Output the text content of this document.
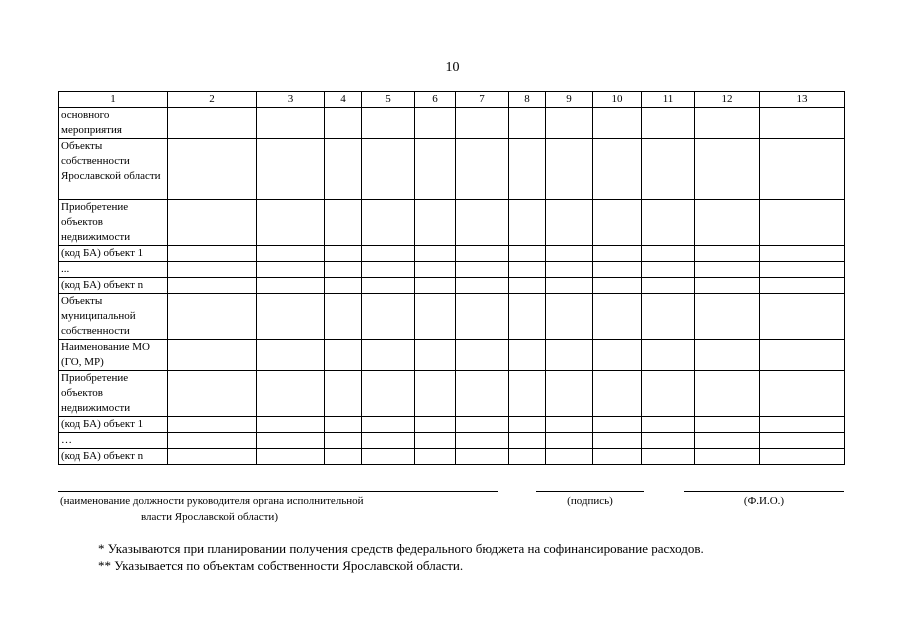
10
1	2	3	4	5	6	7	8	9	10	11	12	13
основного мероприятия												
Объекты собственности Ярославской области												
Приобретение объектов недвижимости												
(код БА) объект 1												
...												
(код БА) объект n												
Объекты муниципальной собственности												
Наименование МО (ГО, МР)												
Приобретение объектов недвижимости												
(код БА) объект 1												
…												
(код БА) объект n												
(наименование должности руководителя органа исполнительной
власти Ярославской области)
(подпись)	(Ф.И.О.)
* Указываются при планировании получения средств федерального бюджета на софинансирование расходов.
** Указывается по объектам собственности Ярославской области.
